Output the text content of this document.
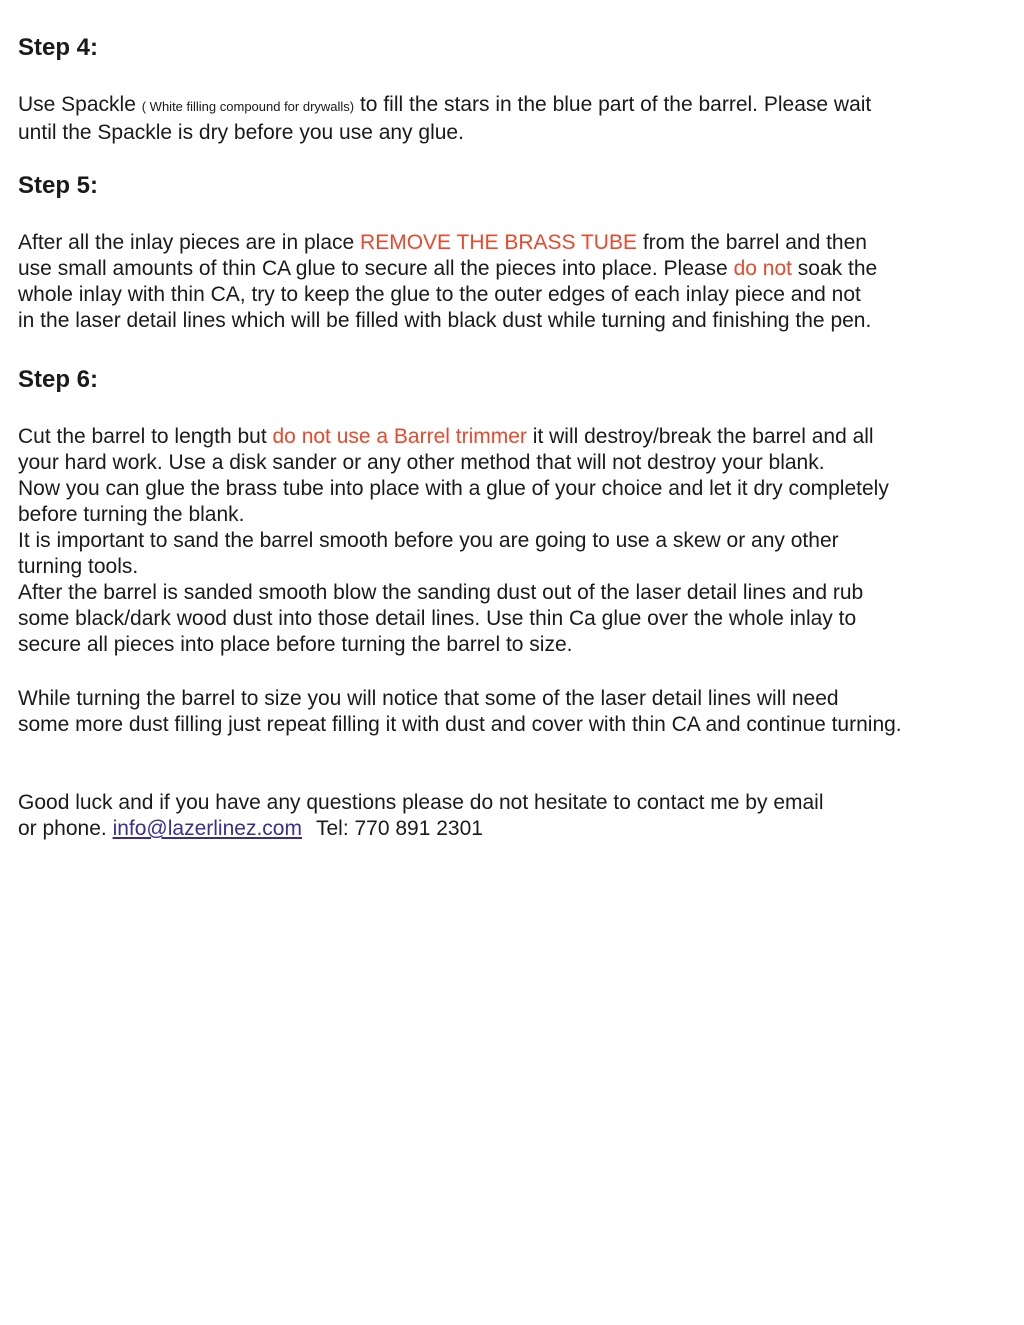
Step 4:

Use Spackle ( White filling compound for drywalls) to fill the stars in the blue part of the barrel. Please wait
until the Spackle is dry before you use any glue.

Step 5:

After all the inlay pieces are in place REMOVE THE BRASS TUBE from the barrel and then
use small amounts of thin CA glue to secure all the pieces into place. Please do not soak the
whole inlay with thin CA, try to keep the glue to the outer edges of each inlay piece and not
in the laser detail lines which will be filled with black dust while turning and finishing the pen.

Step 6:

Cut the barrel to length but do not use a Barrel trimmer it will destroy/break the barrel and all
your hard work. Use a disk sander or any other method that will not destroy your blank.
Now you can glue the brass tube into place with a glue of your choice and let it dry completely
before turning the blank.
It is important to sand the barrel smooth before you are going to use a skew or any other
turning tools.
After the barrel is sanded smooth blow the sanding dust out of the laser detail lines and rub
some black/dark wood dust into those detail lines. Use thin Ca glue over the whole inlay to
secure all pieces into place before turning the barrel to size.

While turning the barrel to size you will notice that some of the laser detail lines will need
some more dust filling just repeat filling it with dust and cover with thin CA and continue turning.

Good luck and if you have any questions please do not hesitate to contact me by email
or phone. info@lazerlinez.com Tel: 770 891 2301
